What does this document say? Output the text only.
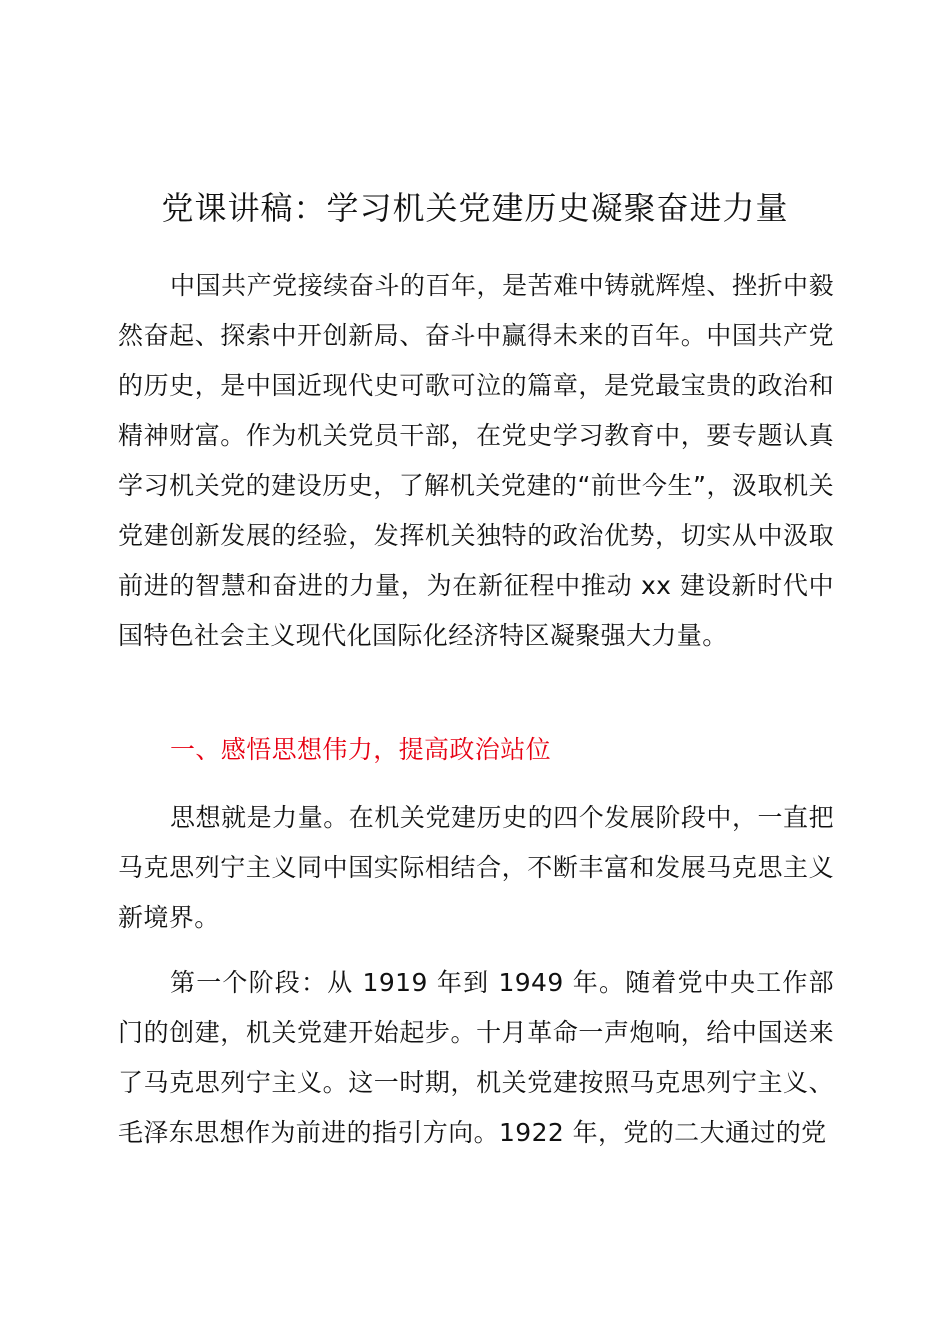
党课讲稿：学习机关党建历史凝聚奋进力量

中国共产党接续奋斗的百年，是苦难中铸就辉煌、挫折中毅然奋起、探索中开创新局、奋斗中赢得未来的百年。中国共产党的历史，是中国近现代史可歌可泣的篇章，是党最宝贵的政治和精神财富。作为机关党员干部，在党史学习教育中，要专题认真学习机关党的建设历史，了解机关党建的“前世今生”，汲取机关党建创新发展的经验，发挥机关独特的政治优势，切实从中汲取前进的智慧和奋进的力量，为在新征程中推动 xx 建设新时代中国特色社会主义现代化国际化经济特区凝聚强大力量。

一、感悟思想伟力，提高政治站位

思想就是力量。在机关党建历史的四个发展阶段中，一直把马克思列宁主义同中国实际相结合，不断丰富和发展马克思主义新境界。

第一个阶段：从 1919 年到 1949 年。随着党中央工作部门的创建，机关党建开始起步。十月革命一声炮响，给中国送来了马克思列宁主义。这一时期，机关党建按照马克思列宁主义、毛泽东思想作为前进的指引方向。1922 年，党的二大通过的党
